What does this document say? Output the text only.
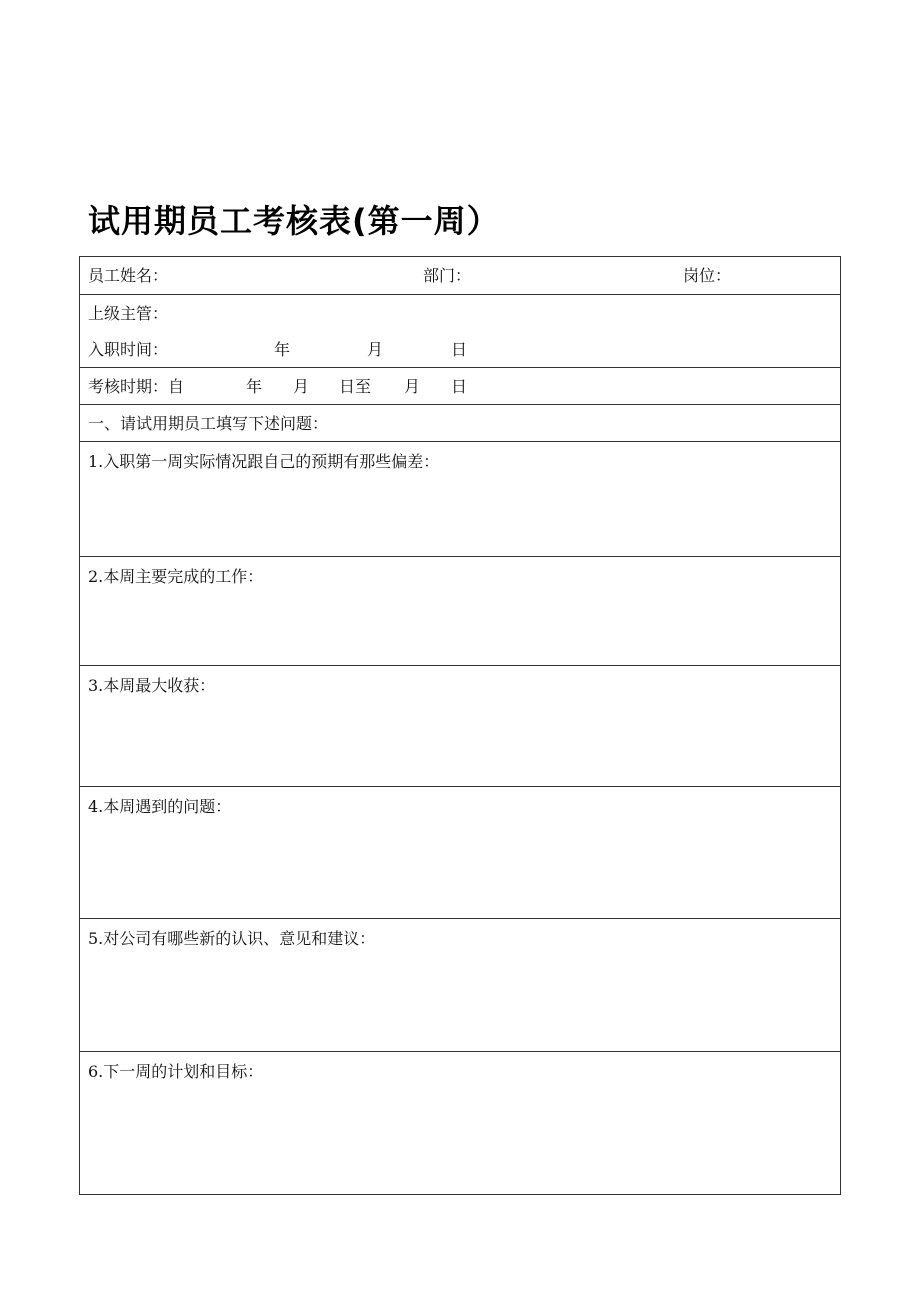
试用期员工考核表(第一周）
员工姓名：	部门：	岗位：
上级主管：
入职时间：	年	月	日
考核时期：自	年 月 日至 月 日
一、请试用期员工填写下述问题：
1.入职第一周实际情况跟自己的预期有那些偏差：
2.本周主要完成的工作：
3.本周最大收获：
4.本周遇到的问题：
5.对公司有哪些新的认识、意见和建议：
6.下一周的计划和目标：
